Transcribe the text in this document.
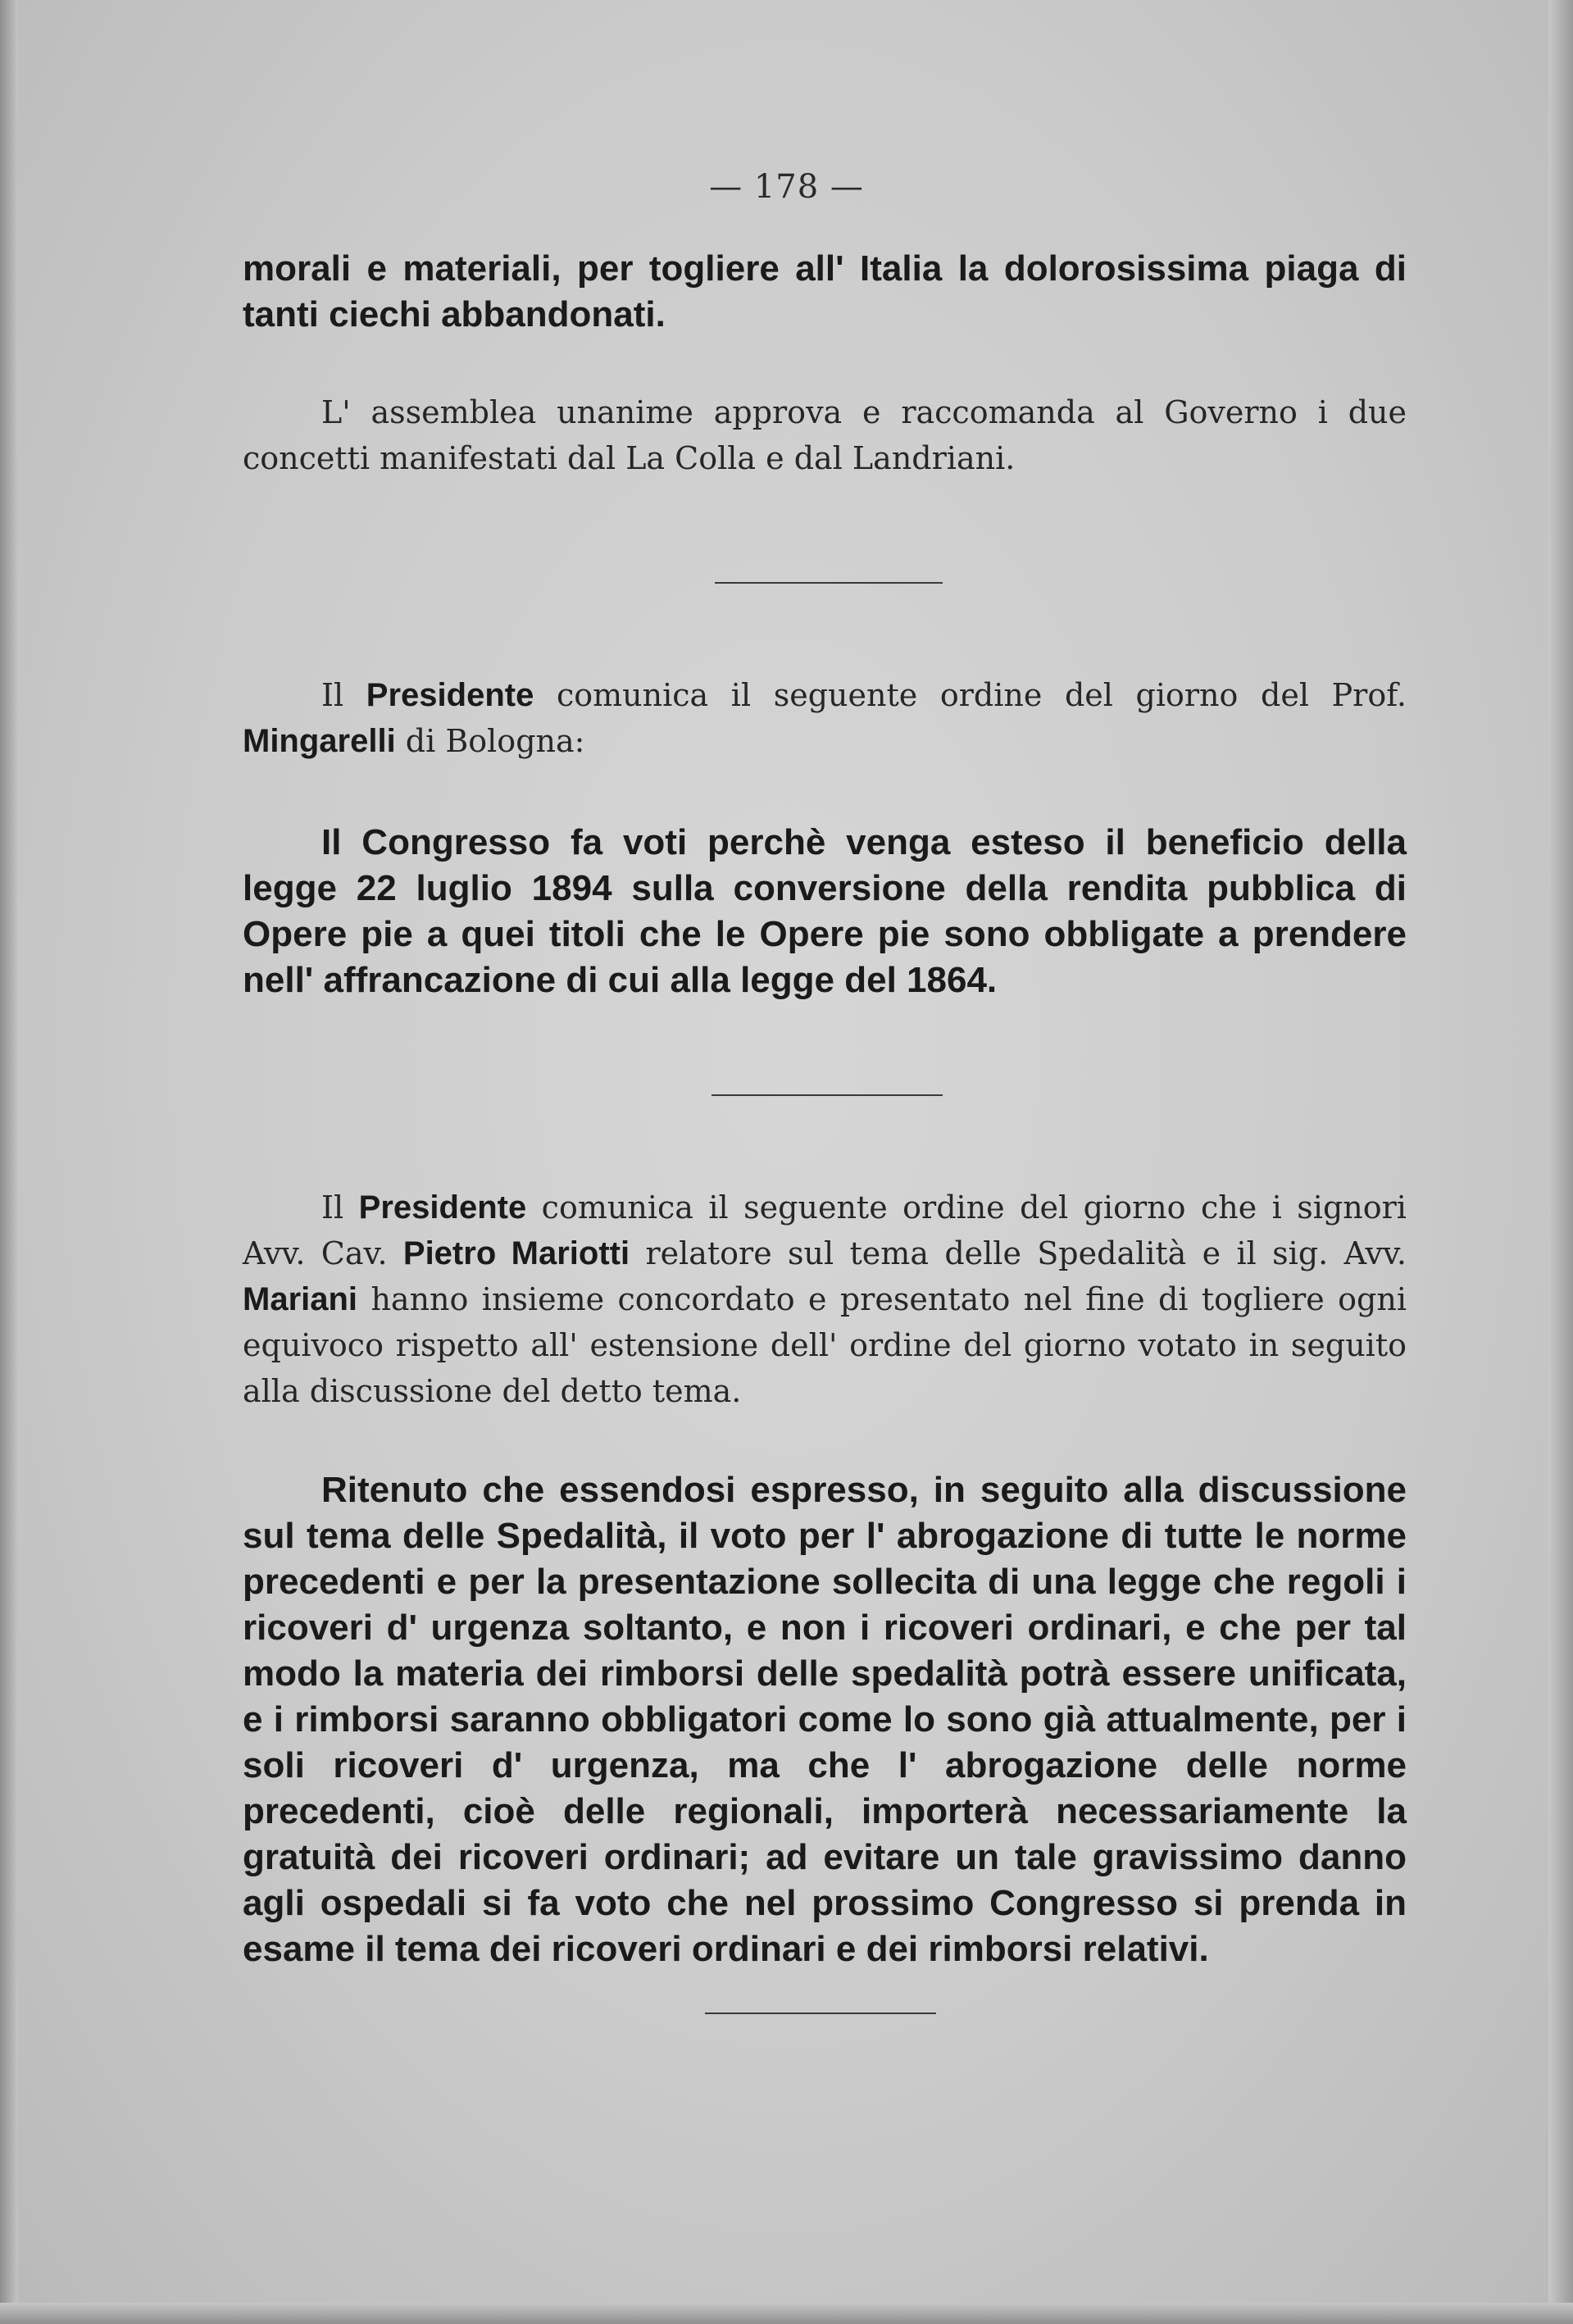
— 178 —

morali e materiali, per togliere all' Italia la dolorosissima piaga di tanti ciechi abbandonati.

L' assemblea unanime approva e raccomanda al Governo i due concetti manifestati dal La Colla e dal Landriani.

Il Presidente comunica il seguente ordine del giorno del Prof. Mingarelli di Bologna:

Il Congresso fa voti perchè venga esteso il beneficio della legge 22 luglio 1894 sulla conversione della rendita pubblica di Opere pie a quei titoli che le Opere pie sono obbligate a prendere nell' affrancazione di cui alla legge del 1864.

Il Presidente comunica il seguente ordine del giorno che i signori Avv. Cav. Pietro Mariotti relatore sul tema delle Spedalità e il sig. Avv. Mariani hanno insieme concordato e presentato nel fine di togliere ogni equivoco rispetto all' estensione dell' ordine del giorno votato in seguito alla discussione del detto tema.

Ritenuto che essendosi espresso, in seguito alla discussione sul tema delle Spedalità, il voto per l' abrogazione di tutte le norme precedenti e per la presentazione sollecita di una legge che regoli i ricoveri d' urgenza soltanto, e non i ricoveri ordinari, e che per tal modo la materia dei rimborsi delle spedalità potrà essere unificata, e i rimborsi saranno obbligatori come lo sono già attualmente, per i soli ricoveri d' urgenza, ma che l' abrogazione delle norme precedenti, cioè delle regionali, importerà necessariamente la gratuità dei ricoveri ordinari; ad evitare un tale gravissimo danno agli ospedali si fa voto che nel prossimo Congresso si prenda in esame il tema dei ricoveri ordinari e dei rimborsi relativi.
